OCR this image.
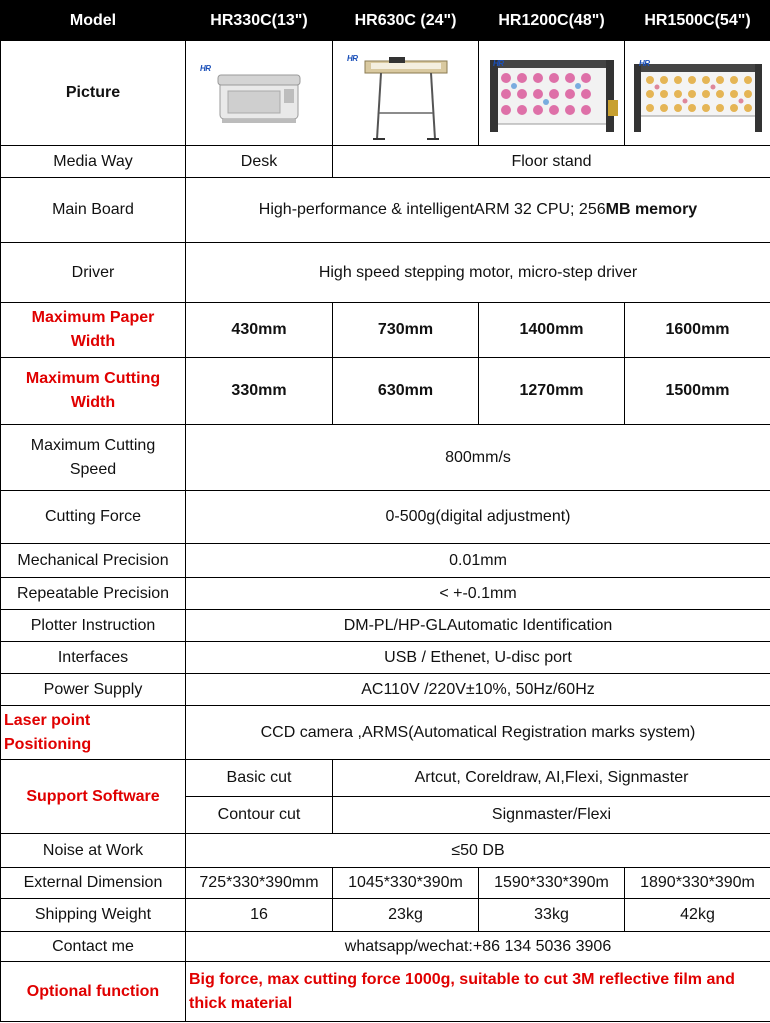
Model	HR330C(13")	HR630C (24")	HR1200C(48")	HR1500C(54")
Picture	HR	HR	HR	HR

Media Way	Desk	Floor stand		
Main Board	High-performance & intelligentARM 32 CPU; 256MB memory			
Driver	High speed stepping motor, micro-step driver			
Maximum Paper
Width	430mm	730mm	1400mm	1600mm
Maximum Cutting
Width	330mm	630mm	1270mm	1500mm
Maximum Cutting
Speed	800mm/s			
Cutting Force	0-500g(digital adjustment)			
Mechanical Precision	0.01mm			
Repeatable Precision	< +-0.1mm			
Plotter Instruction	DM-PL/HP-GLAutomatic Identification			
Interfaces	USB / Ethenet, U-disc port			
Power Supply	AC110V /220V±10%, 50Hz/60Hz			
Laser point
Positioning	CCD camera ,ARMS(Automatical Registration marks system)			
Support Software	Basic cut	Artcut, Coreldraw, AI,Flexi, Signmaster		
	Contour cut	Signmaster/Flexi		
Noise at Work	≤50 DB			
External Dimension	725*330*390mm	1045*330*390m	1590*330*390m	1890*330*390m
Shipping Weight	16	23kg	33kg	42kg
Contact me	whatsapp/wechat:+86 134 5036 3906			
Optional function	Big force, max cutting force 1000g, suitable to cut 3M reflective film and thick material			
